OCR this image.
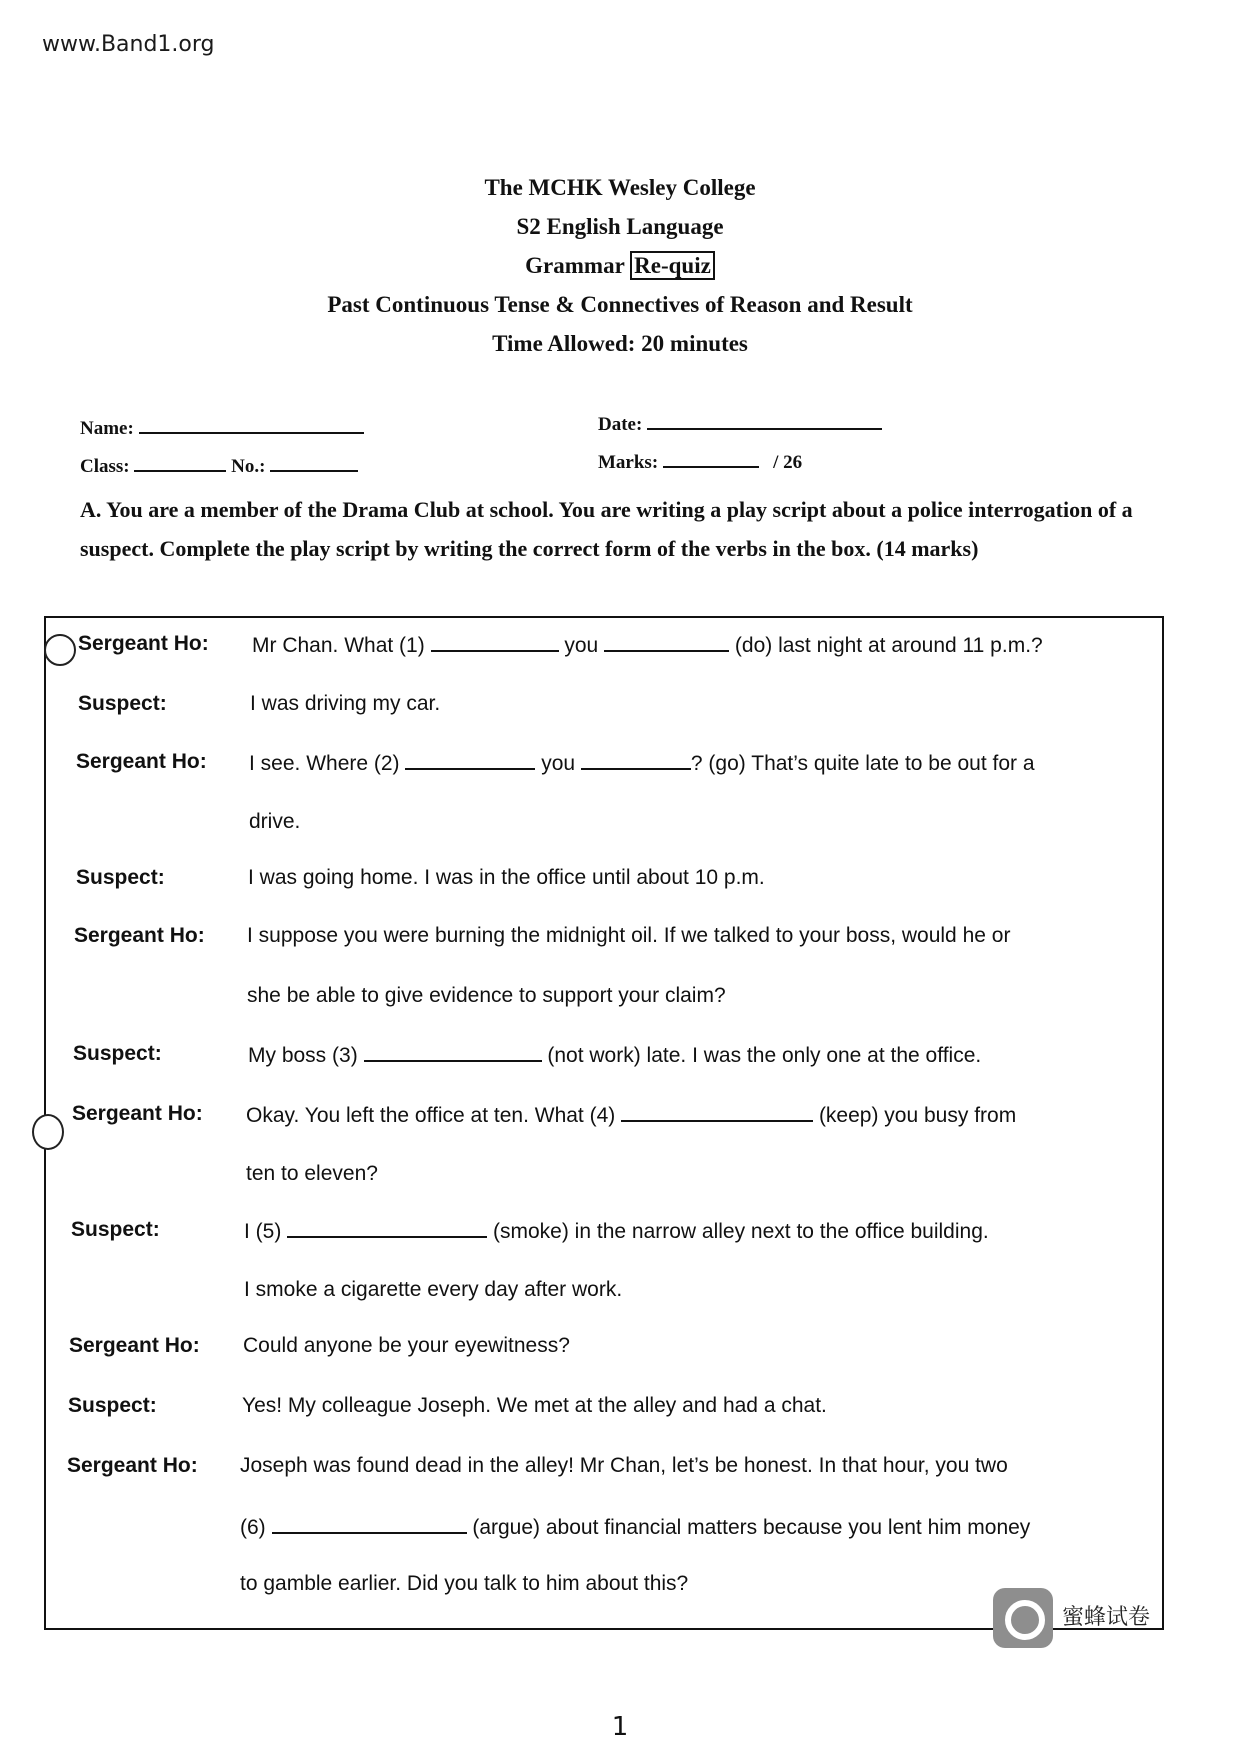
www.Band1.org
The MCHK Wesley College
S2 English Language
Grammar Re-quiz
Past Continuous Tense & Connectives of Reason and Result
Time Allowed: 20 minutes
Name:
Class:	No.:
Date:
Marks:	/ 26
A. You are a member of the Drama Club at school. You are writing a play script about a police interrogation of a suspect. Complete the play script by writing the correct form of the verbs in the box. (14 marks)
Sergeant Ho: Mr Chan. What (1)	you	(do) last night at around 11 p.m.?
Suspect:	I was driving my car.
Sergeant Ho: I see. Where (2)	you	? (go) That’s quite late to be out for a
drive.
Suspect:	I was going home. I was in the office until about 10 p.m.
Sergeant Ho: I suppose you were burning the midnight oil. If we talked to your boss, would he or
she be able to give evidence to support your claim?
Suspect:	My boss (3)	(not work) late. I was the only one at the office.
Sergeant Ho: Okay. You left the office at ten. What (4)	(keep) you busy from
ten to eleven?
Suspect:	I (5)	(smoke) in the narrow alley next to the office building.
I smoke a cigarette every day after work.
Sergeant Ho: Could anyone be your eyewitness?
Suspect:	Yes! My colleague Joseph. We met at the alley and had a chat.
Sergeant Ho: Joseph was found dead in the alley! Mr Chan, let’s be honest. In that hour, you two
(6)	(argue) about financial matters because you lent him money
to gamble earlier. Did you talk to him about this?
蜜蜂试卷
1
